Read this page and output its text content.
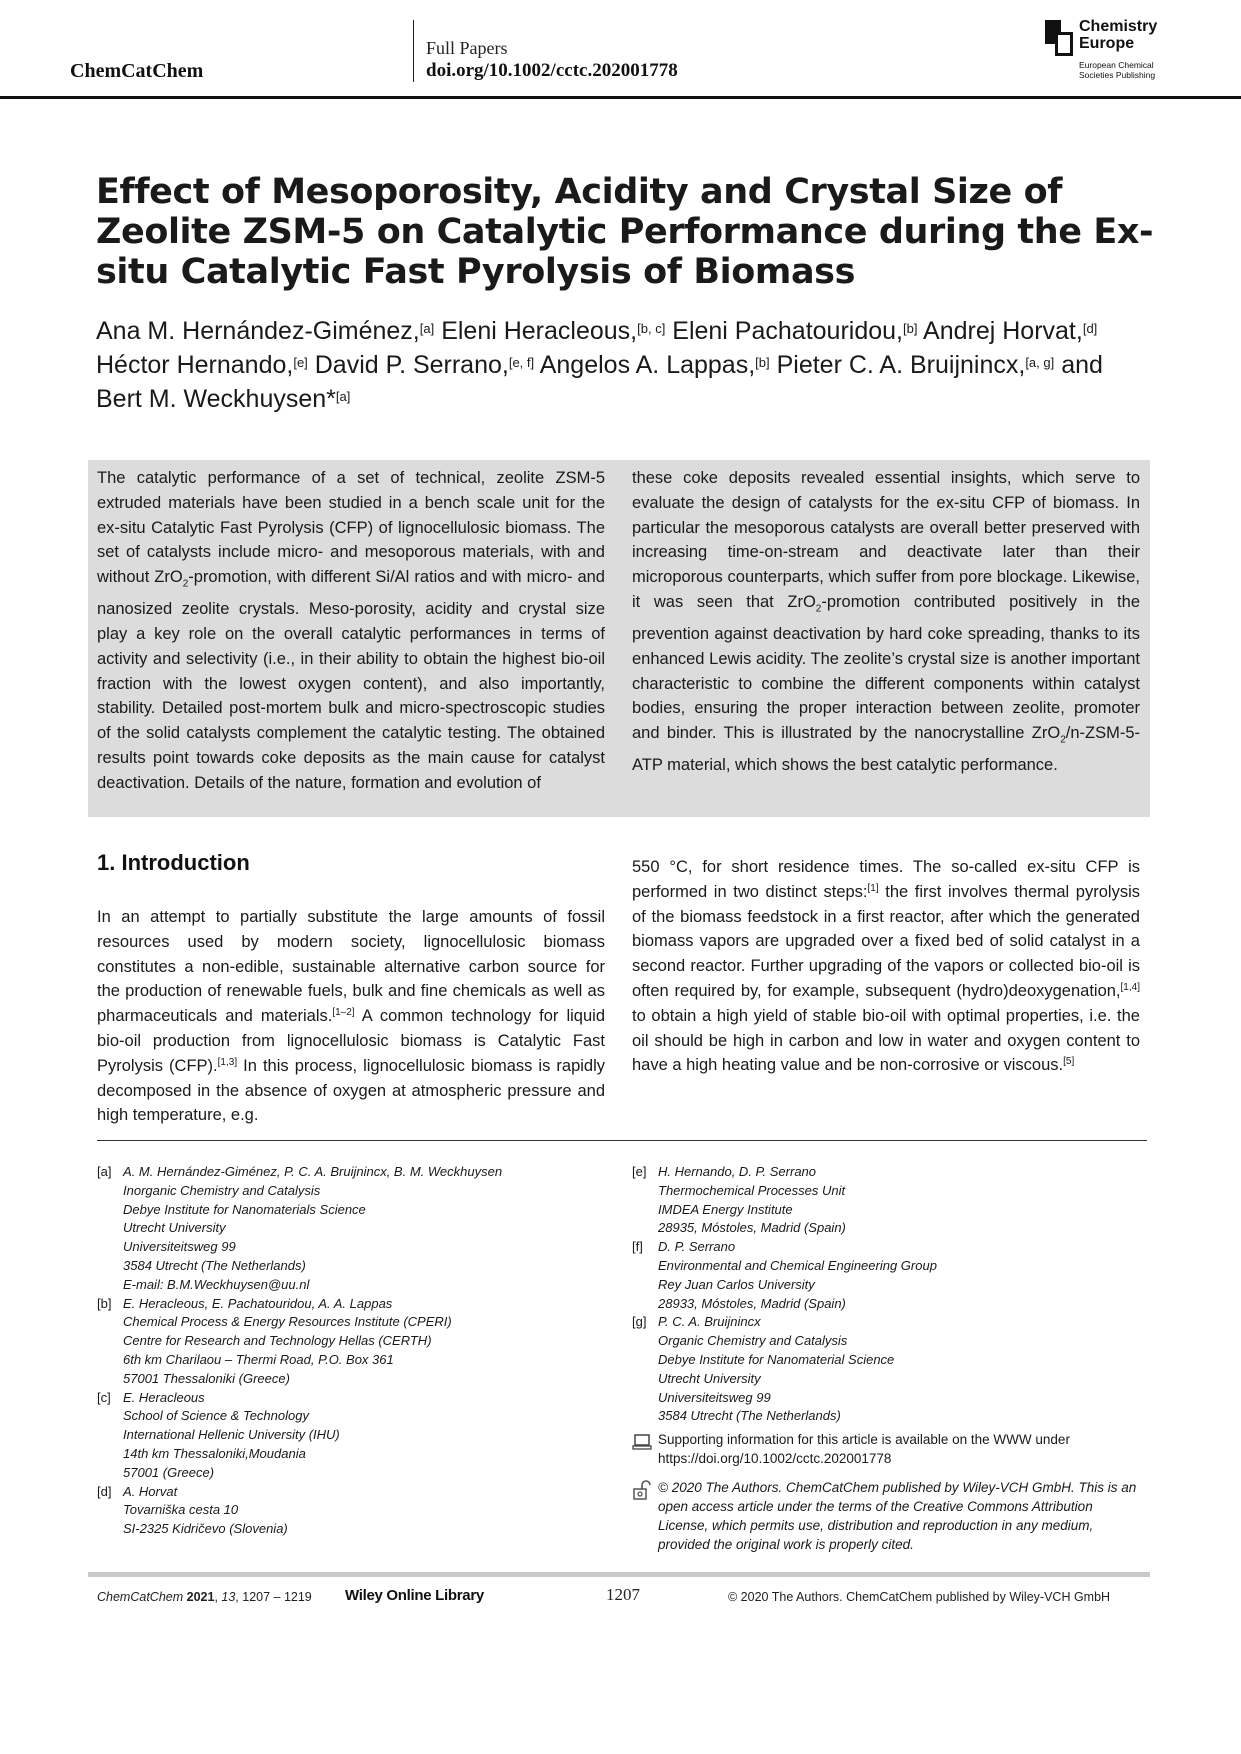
ChemCatChem
Full Papers
doi.org/10.1002/cctc.202001778
Chemistry
Europe
European Chemical
Societies Publishing
Effect of Mesoporosity, Acidity and Crystal Size of Zeolite ZSM-5 on Catalytic Performance during the Ex-situ Catalytic Fast Pyrolysis of Biomass
Ana M. Hernández-Giménez,[a] Eleni Heracleous,[b, c] Eleni Pachatouridou,[b] Andrej Horvat,[d]
Héctor Hernando,[e] David P. Serrano,[e, f] Angelos A. Lappas,[b] Pieter C. A. Bruijnincx,[a, g] and
Bert M. Weckhuysen*[a]

The catalytic performance of a set of technical, zeolite ZSM-5 extruded materials have been studied in a bench scale unit for the ex-situ Catalytic Fast Pyrolysis (CFP) of lignocellulosic biomass. The set of catalysts include micro- and mesoporous materials, with and without ZrO$_2$-promotion, with different Si/Al ratios and with micro- and nanosized zeolite crystals. Meso-porosity, acidity and crystal size play a key role on the overall catalytic performances in terms of activity and selectivity (i.e., in their ability to obtain the highest bio-oil fraction with the lowest oxygen content), and also importantly, stability. Detailed post-mortem bulk and micro-spectroscopic studies of the solid catalysts complement the catalytic testing. The obtained results point towards coke deposits as the main cause for catalyst deactivation. Details of the nature, formation and evolution of

these coke deposits revealed essential insights, which serve to evaluate the design of catalysts for the ex-situ CFP of biomass. In particular the mesoporous catalysts are overall better preserved with increasing time-on-stream and deactivate later than their microporous counterparts, which suffer from pore blockage. Likewise, it was seen that ZrO$_2$-promotion contributed positively in the prevention against deactivation by hard coke spreading, thanks to its enhanced Lewis acidity. The zeolite’s crystal size is another important characteristic to combine the different components within catalyst bodies, ensuring the proper interaction between zeolite, promoter and binder. This is illustrated by the nanocrystalline ZrO$_2$/n-ZSM-5-ATP material, which shows the best catalytic performance.

1. Introduction

In an attempt to partially substitute the large amounts of fossil resources used by modern society, lignocellulosic biomass constitutes a non-edible, sustainable alternative carbon source for the production of renewable fuels, bulk and fine chemicals as well as pharmaceuticals and materials.[1–2] A common technology for liquid bio-oil production from lignocellulosic biomass is Catalytic Fast Pyrolysis (CFP).[1,3] In this process, lignocellulosic biomass is rapidly decomposed in the absence of oxygen at atmospheric pressure and high temperature, e.g.

550 °C, for short residence times. The so-called ex-situ CFP is performed in two distinct steps:[1] the first involves thermal pyrolysis of the biomass feedstock in a first reactor, after which the generated biomass vapors are upgraded over a fixed bed of solid catalyst in a second reactor. Further upgrading of the vapors or collected bio-oil is often required by, for example, subsequent (hydro)deoxygenation,[1,4] to obtain a high yield of stable bio-oil with optimal properties, i.e. the oil should be high in carbon and low in water and oxygen content to have a high heating value and be non-corrosive or viscous.[5]

[a] A. M. Hernández-Giménez, P. C. A. Bruijnincx, B. M. Weckhuysen
Inorganic Chemistry and Catalysis
Debye Institute for Nanomaterials Science
Utrecht University
Universiteitsweg 99
3584 Utrecht (The Netherlands)
E-mail: B.M.Weckhuysen@uu.nl
[b] E. Heracleous, E. Pachatouridou, A. A. Lappas
Chemical Process & Energy Resources Institute (CPERI)
Centre for Research and Technology Hellas (CERTH)
6th km Charilaou – Thermi Road, P.O. Box 361
57001 Thessaloniki (Greece)
[c] E. Heracleous
School of Science & Technology
International Hellenic University (IHU)
14th km Thessaloniki,Moudania
57001 (Greece)
[d] A. Horvat
Tovarniška cesta 10
SI-2325 Kidričevo (Slovenia)
[e] H. Hernando, D. P. Serrano
Thermochemical Processes Unit
IMDEA Energy Institute
28935, Móstoles, Madrid (Spain)
[f] D. P. Serrano
Environmental and Chemical Engineering Group
Rey Juan Carlos University
28933, Móstoles, Madrid (Spain)
[g] P. C. A. Bruijnincx
Organic Chemistry and Catalysis
Debye Institute for Nanomaterial Science
Utrecht University
Universiteitsweg 99
3584 Utrecht (The Netherlands)
Supporting information for this article is available on the WWW under https://doi.org/10.1002/cctc.202001778
© 2020 The Authors. ChemCatChem published by Wiley-VCH GmbH. This is an open access article under the terms of the Creative Commons Attribution License, which permits use, distribution and reproduction in any medium, provided the original work is properly cited.
ChemCatChem 2021, 13, 1207 – 1219 Wiley Online Library	1207	© 2020 The Authors. ChemCatChem published by Wiley-VCH GmbH
